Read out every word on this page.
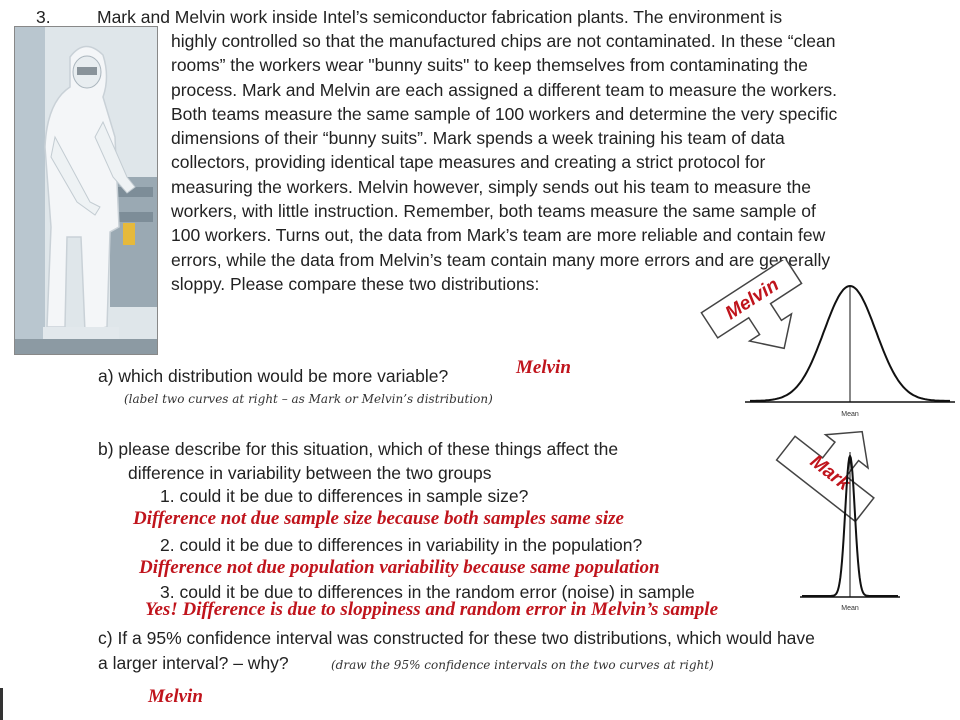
3.	Mark and Melvin work inside Intel’s semiconductor fabrication plants. The environment is
highly controlled so that the manufactured chips are not contaminated. In these “clean
rooms” the workers wear "bunny suits" to keep themselves from contaminating the
process. Mark and Melvin are each assigned a different team to measure the workers.
Both teams measure the same sample of 100 workers and determine the very specific
dimensions of their “bunny suits”. Mark spends a week training his team of data
collectors, providing identical tape measures and creating a strict protocol for
measuring the workers. Melvin however, simply sends out his team to measure the
workers, with little instruction. Remember, both teams measure the same sample of
100 workers. Turns out, the data from Mark’s team are more reliable and contain few
errors, while the data from Melvin’s team contain many more errors and are generally
sloppy. Please compare these two distributions:
a) which distribution would be more variable?
(label two curves at right – as Mark or Melvin’s distribution)
Melvin
b) please describe for this situation, which of these things affect the
difference in variability between the two groups
1. could it be due to differences in sample size?
Difference not due sample size because both samples same size
2. could it be due to differences in variability in the population?
Difference not due population variability because same population
3. could it be due to differences in the random error (noise) in sample
Yes! Difference is due to sloppiness and random error in Melvin’s sample
c) If a 95% confidence interval was constructed for these two distributions, which would have
a larger interval? – why?	(draw the 95% confidence intervals on the two curves at right)
Melvin
Melvin
Mean
Mark
Mean
